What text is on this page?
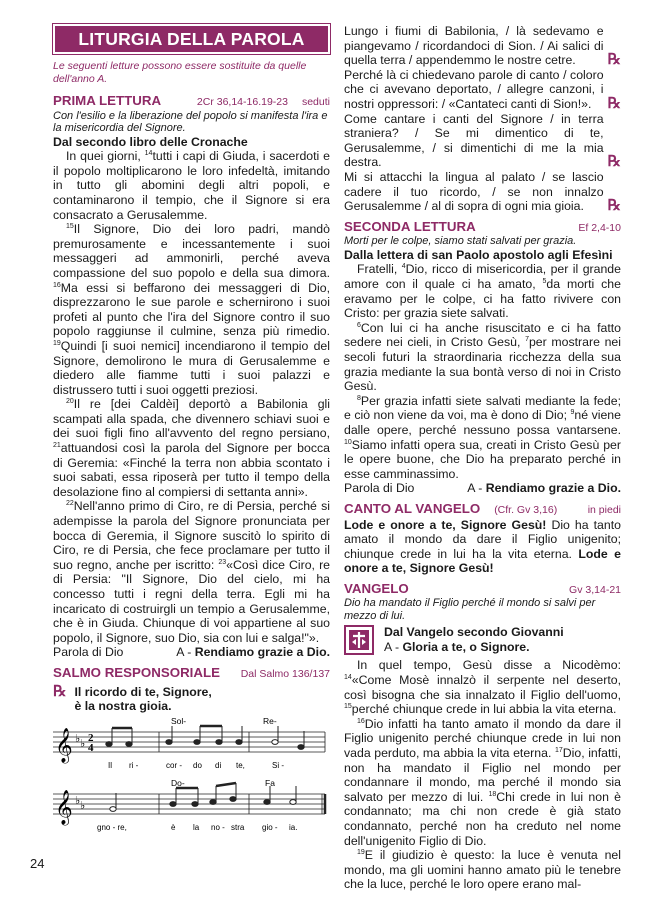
LITURGIA DELLA PAROLA

Le seguenti letture possono essere sostituite da quelle dell'anno A.

PRIMA LETTURA	2Cr 36,14-16.19-23 seduti

Con l'esilio e la liberazione del popolo si manifesta l'ira e la misericordia del Signore.

Dal secondo libro delle Cronache

In quei giorni, $^{14}$tutti i capi di Giuda, i sacerdoti e il popolo moltiplicarono le loro infedeltà, imitando in tutto gli abomini degli altri popoli, e contaminarono il tempio, che il Signore si era consacrato a Gerusalemme.

$^{15}$Il Signore, Dio dei loro padri, mandò premurosamente e incessantemente i suoi messaggeri ad ammonirli, perché aveva compassione del suo popolo e della sua dimora. $^{16}$Ma essi si beffarono dei messaggeri di Dio, disprezzarono le sue parole e schernirono i suoi profeti al punto che l'ira del Signore contro il suo popolo raggiunse il culmine, senza più rimedio. $^{19}$Quindi [i suoi nemici] incendiarono il tempio del Signore, demolirono le mura di Gerusalemme e diedero alle fiamme tutti i suoi palazzi e distrussero tutti i suoi oggetti preziosi.

$^{20}$Il re [dei Caldèi] deportò a Babilonia gli scampati alla spada, che divennero schiavi suoi e dei suoi figli fino all'avvento del regno persiano, $^{21}$attuandosi così la parola del Signore per bocca di Geremia: «Finché la terra non abbia scontato i suoi sabati, essa riposerà per tutto il tempo della desolazione fino al compiersi di settanta anni».

$^{22}$Nell'anno primo di Ciro, re di Persia, perché si adempisse la parola del Signore pronunciata per bocca di Geremia, il Signore suscitò lo spirito di Ciro, re di Persia, che fece proclamare per tutto il suo regno, anche per iscritto: $^{23}$«Così dice Ciro, re di Persia: "Il Signore, Dio del cielo, mi ha concesso tutti i regni della terra. Egli mi ha incaricato di costruirgli un tempio a Gerusalemme, che è in Giuda. Chiunque di voi appartiene al suo popolo, il Signore, suo Dio, sia con lui e salga!"».

Parola di Dio	A - Rendiamo grazie a Dio.
SALMO RESPONSORIALE Dal Salmo 136/137
℞ Il ricordo di te, Signore,
è la nostra gioia.
𝄞 ♭ ♭ 2
4
Sol-	Re-
Il ri -	cor - do di te,	Si -
𝄞 ♭ ♭
Do-	Fa
gno - re,	è la no - stra gio - ia.
24

Lungo i fiumi di Babilonia, / là sedevamo e piangevamo / ricordandoci di Sion. / Ai salici di quella terra / appendemmo le nostre cetre.	℞

Perché là ci chiedevano parole di canto / coloro che ci avevano deportato, / allegre canzoni, i nostri oppressori: / «Cantateci canti di Sion!».	℞

Come cantare i canti del Signore / in terra straniera? / Se mi dimentico di te, Gerusalemme, / si dimentichi di me la mia destra.	℞

Mi si attacchi la lingua al palato / se lascio cadere il tuo ricordo, / se non innalzo Gerusalemme / al di sopra di ogni mia gioia.	℞
SECONDA LETTURA	Ef 2,4-10

Morti per le colpe, siamo stati salvati per grazia.

Dalla lettera di san Paolo apostolo agli Efesìni

Fratelli, $^4$Dio, ricco di misericordia, per il grande amore con il quale ci ha amato, $^5$da morti che eravamo per le colpe, ci ha fatto rivivere con Cristo: per grazia siete salvati.

$^6$Con lui ci ha anche risuscitato e ci ha fatto sedere nei cieli, in Cristo Gesù, $^7$per mostrare nei secoli futuri la straordinaria ricchezza della sua grazia mediante la sua bontà verso di noi in Cristo Gesù.

$^8$Per grazia infatti siete salvati mediante la fede; e ciò non viene da voi, ma è dono di Dio; $^9$né viene dalle opere, perché nessuno possa vantarsene. $^{10}$Siamo infatti opera sua, creati in Cristo Gesù per le opere buone, che Dio ha preparato perché in esse camminassimo.

Parola di Dio	A - Rendiamo grazie a Dio.
CANTO AL VANGELO (Cfr. Gv 3,16)	in piedi

Lode e onore a te, Signore Gesù! Dio ha tanto amato il mondo da dare il Figlio unigenito; chiunque crede in lui ha la vita eterna. Lode e onore a te, Signore Gesù!

VANGELO	Gv 3,14-21

Dio ha mandato il Figlio perché il mondo si salvi per mezzo di lui.

Dal Vangelo secondo Giovanni
A - Gloria a te, o Signore.

In quel tempo, Gesù disse a Nicodèmo: $^{14}$«Come Mosè innalzò il serpente nel deserto, così bisogna che sia innalzato il Figlio dell'uomo, $^{15}$perché chiunque crede in lui abbia la vita eterna.

$^{16}$Dio infatti ha tanto amato il mondo da dare il Figlio unigenito perché chiunque crede in lui non vada perduto, ma abbia la vita eterna. $^{17}$Dio, infatti, non ha mandato il Figlio nel mondo per condannare il mondo, ma perché il mondo sia salvato per mezzo di lui. $^{18}$Chi crede in lui non è condannato; ma chi non crede è già stato condannato, perché non ha creduto nel nome dell'unigenito Figlio di Dio.

$^{19}$E il giudizio è questo: la luce è venuta nel mondo, ma gli uomini hanno amato più le tenebre che la luce, perché le loro opere erano mal-
